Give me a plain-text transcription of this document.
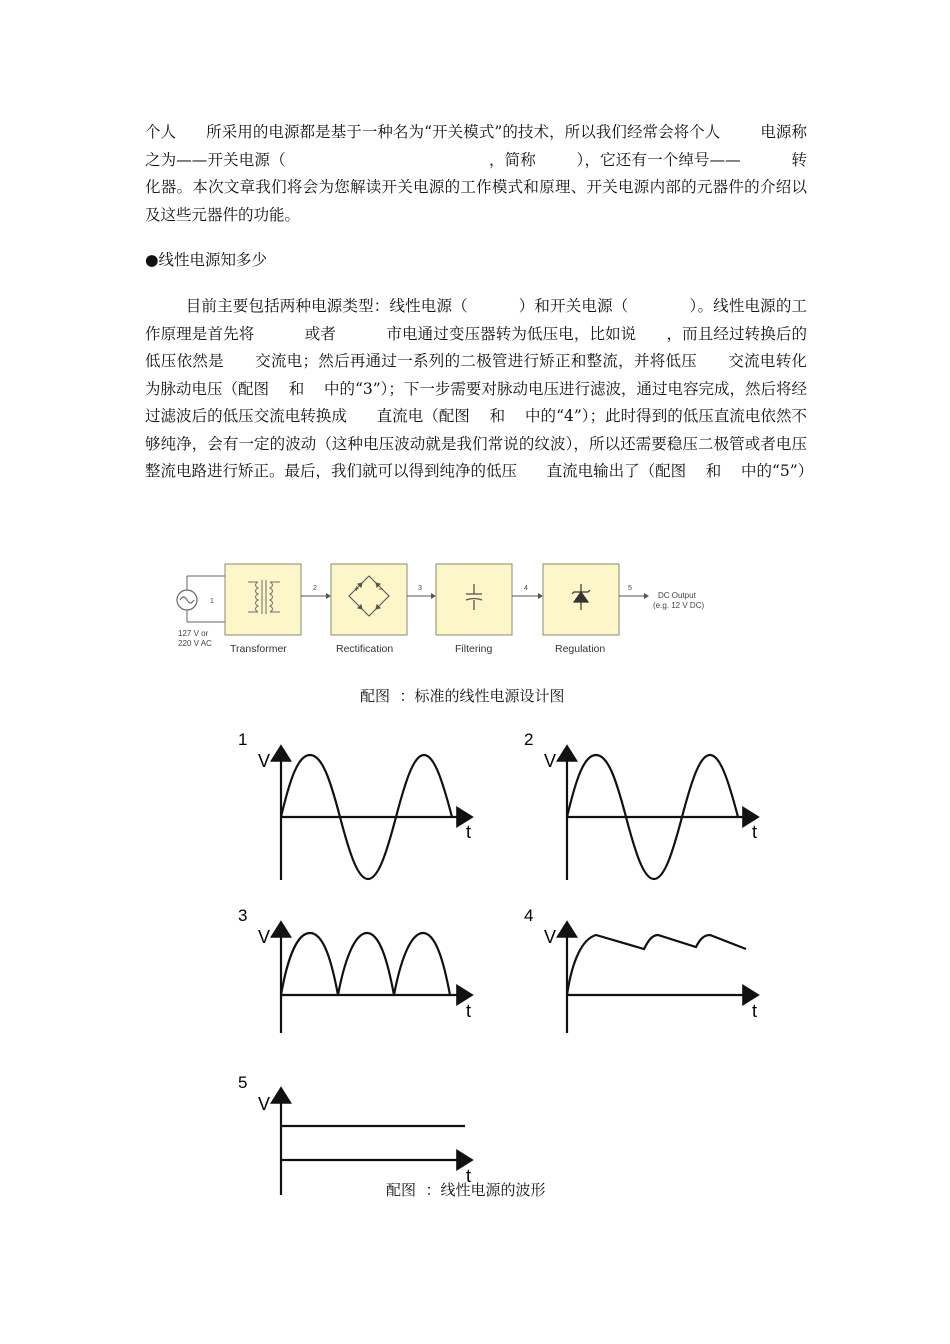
个人      所采用的电源都是基于一种名为“开关模式”的技术，所以我们经常会将个人        电源称之为——开关电源（                                        ，简称        ），它还有一个绰号——          转化器。本次文章我们将会为您解读开关电源的工作模式和原理、开关电源内部的元器件的介绍以及这些元器件的功能。

●线性电源知多少

目前主要包括两种电源类型：线性电源（          ）和开关电源（            ）。线性电源的工作原理是首先将          或者          市电通过变压器转为低压电，比如说      ，而且经过转换后的低压依然是      交流电；然后再通过一系列的二极管进行矫正和整流，并将低压      交流电转化为脉动电压（配图    和    中的“3”）；下一步需要对脉动电压进行滤波，通过电容完成，然后将经过滤波后的低压交流电转换成      直流电（配图    和    中的“4”）；此时得到的低压直流电依然不够纯净，会有一定的波动（这种电压波动就是我们常说的纹波），所以还需要稳压二极管或者电压整流电路进行矫正。最后，我们就可以得到纯净的低压      直流电输出了（配图    和    中的“5”）

1
127 V or
220 V AC Transformer
2	+ −
Rectification
3
Filtering
4
Regulation
5
DC Output
(e.g. 12 V DC)
配图  ：标准的线性电源设计图
1
V
t
2
V
t
3
V
t
4
V
t
5
V
t
配图  ：线性电源的波形
